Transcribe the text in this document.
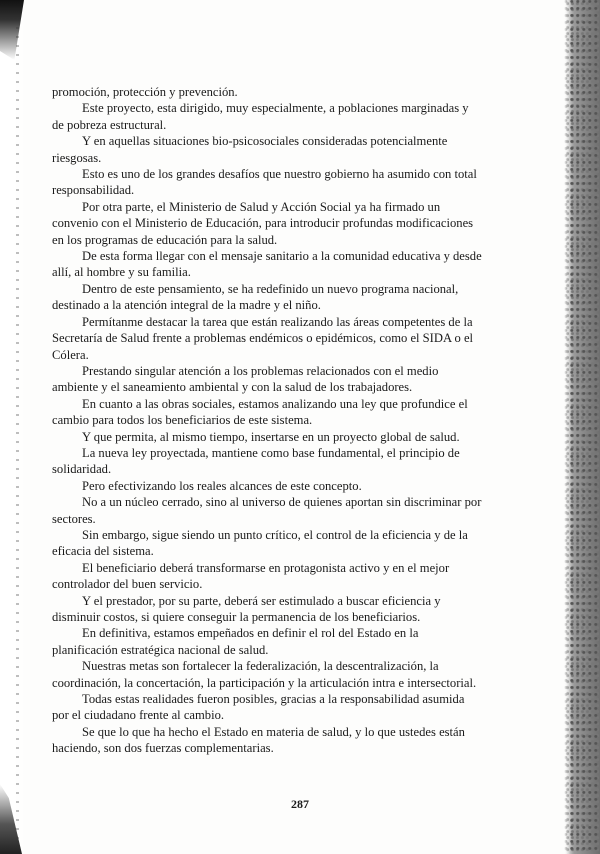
promoción, protección y prevención.

Este proyecto, esta dirigido, muy especialmente, a poblaciones marginadas y de pobreza estructural.

Y en aquellas situaciones bio-psicosociales consideradas potencialmente riesgosas.

Esto es uno de los grandes desafíos que nuestro gobierno ha asumido con total responsabilidad.

Por otra parte, el Ministerio de Salud y Acción Social ya ha firmado un convenio con el Ministerio de Educación, para introducir profundas modificaciones en los programas de educación para la salud.

De esta forma llegar con el mensaje sanitario a la comunidad educativa y desde allí, al hombre y su familia.

Dentro de este pensamiento, se ha redefinido un nuevo programa nacional, destinado a la atención integral de la madre y el niño.

Permítanme destacar la tarea que están realizando las áreas competentes de la Secretaría de Salud frente a problemas endémicos o epidémicos, como el SIDA o el Cólera.

Prestando singular atención a los problemas relacionados con el medio ambiente y el saneamiento ambiental y con la salud de los trabajadores.

En cuanto a las obras sociales, estamos analizando una ley que profundice el cambio para todos los beneficiarios de este sistema.

Y que permita, al mismo tiempo, insertarse en un proyecto global de salud.

La nueva ley proyectada, mantiene como base fundamental, el principio de solidaridad.

Pero efectivizando los reales alcances de este concepto.

No a un núcleo cerrado, sino al universo de quienes aportan sin discriminar por sectores.

Sin embargo, sigue siendo un punto crítico, el control de la eficiencia y de la eficacia del sistema.

El beneficiario deberá transformarse en protagonista activo y en el mejor controlador del buen servicio.

Y el prestador, por su parte, deberá ser estimulado a buscar eficiencia y disminuir costos, si quiere conseguir la permanencia de los beneficiarios.

En definitiva, estamos empeñados en definir el rol del Estado en la planificación estratégica nacional de salud.

Nuestras metas son fortalecer la federalización, la descentralización, la coordinación, la concertación, la participación y la articulación intra e intersectorial.

Todas estas realidades fueron posibles, gracias a la responsabilidad asumida por el ciudadano frente al cambio.

Se que lo que ha hecho el Estado en materia de salud, y lo que ustedes están haciendo, son dos fuerzas complementarias.

287
